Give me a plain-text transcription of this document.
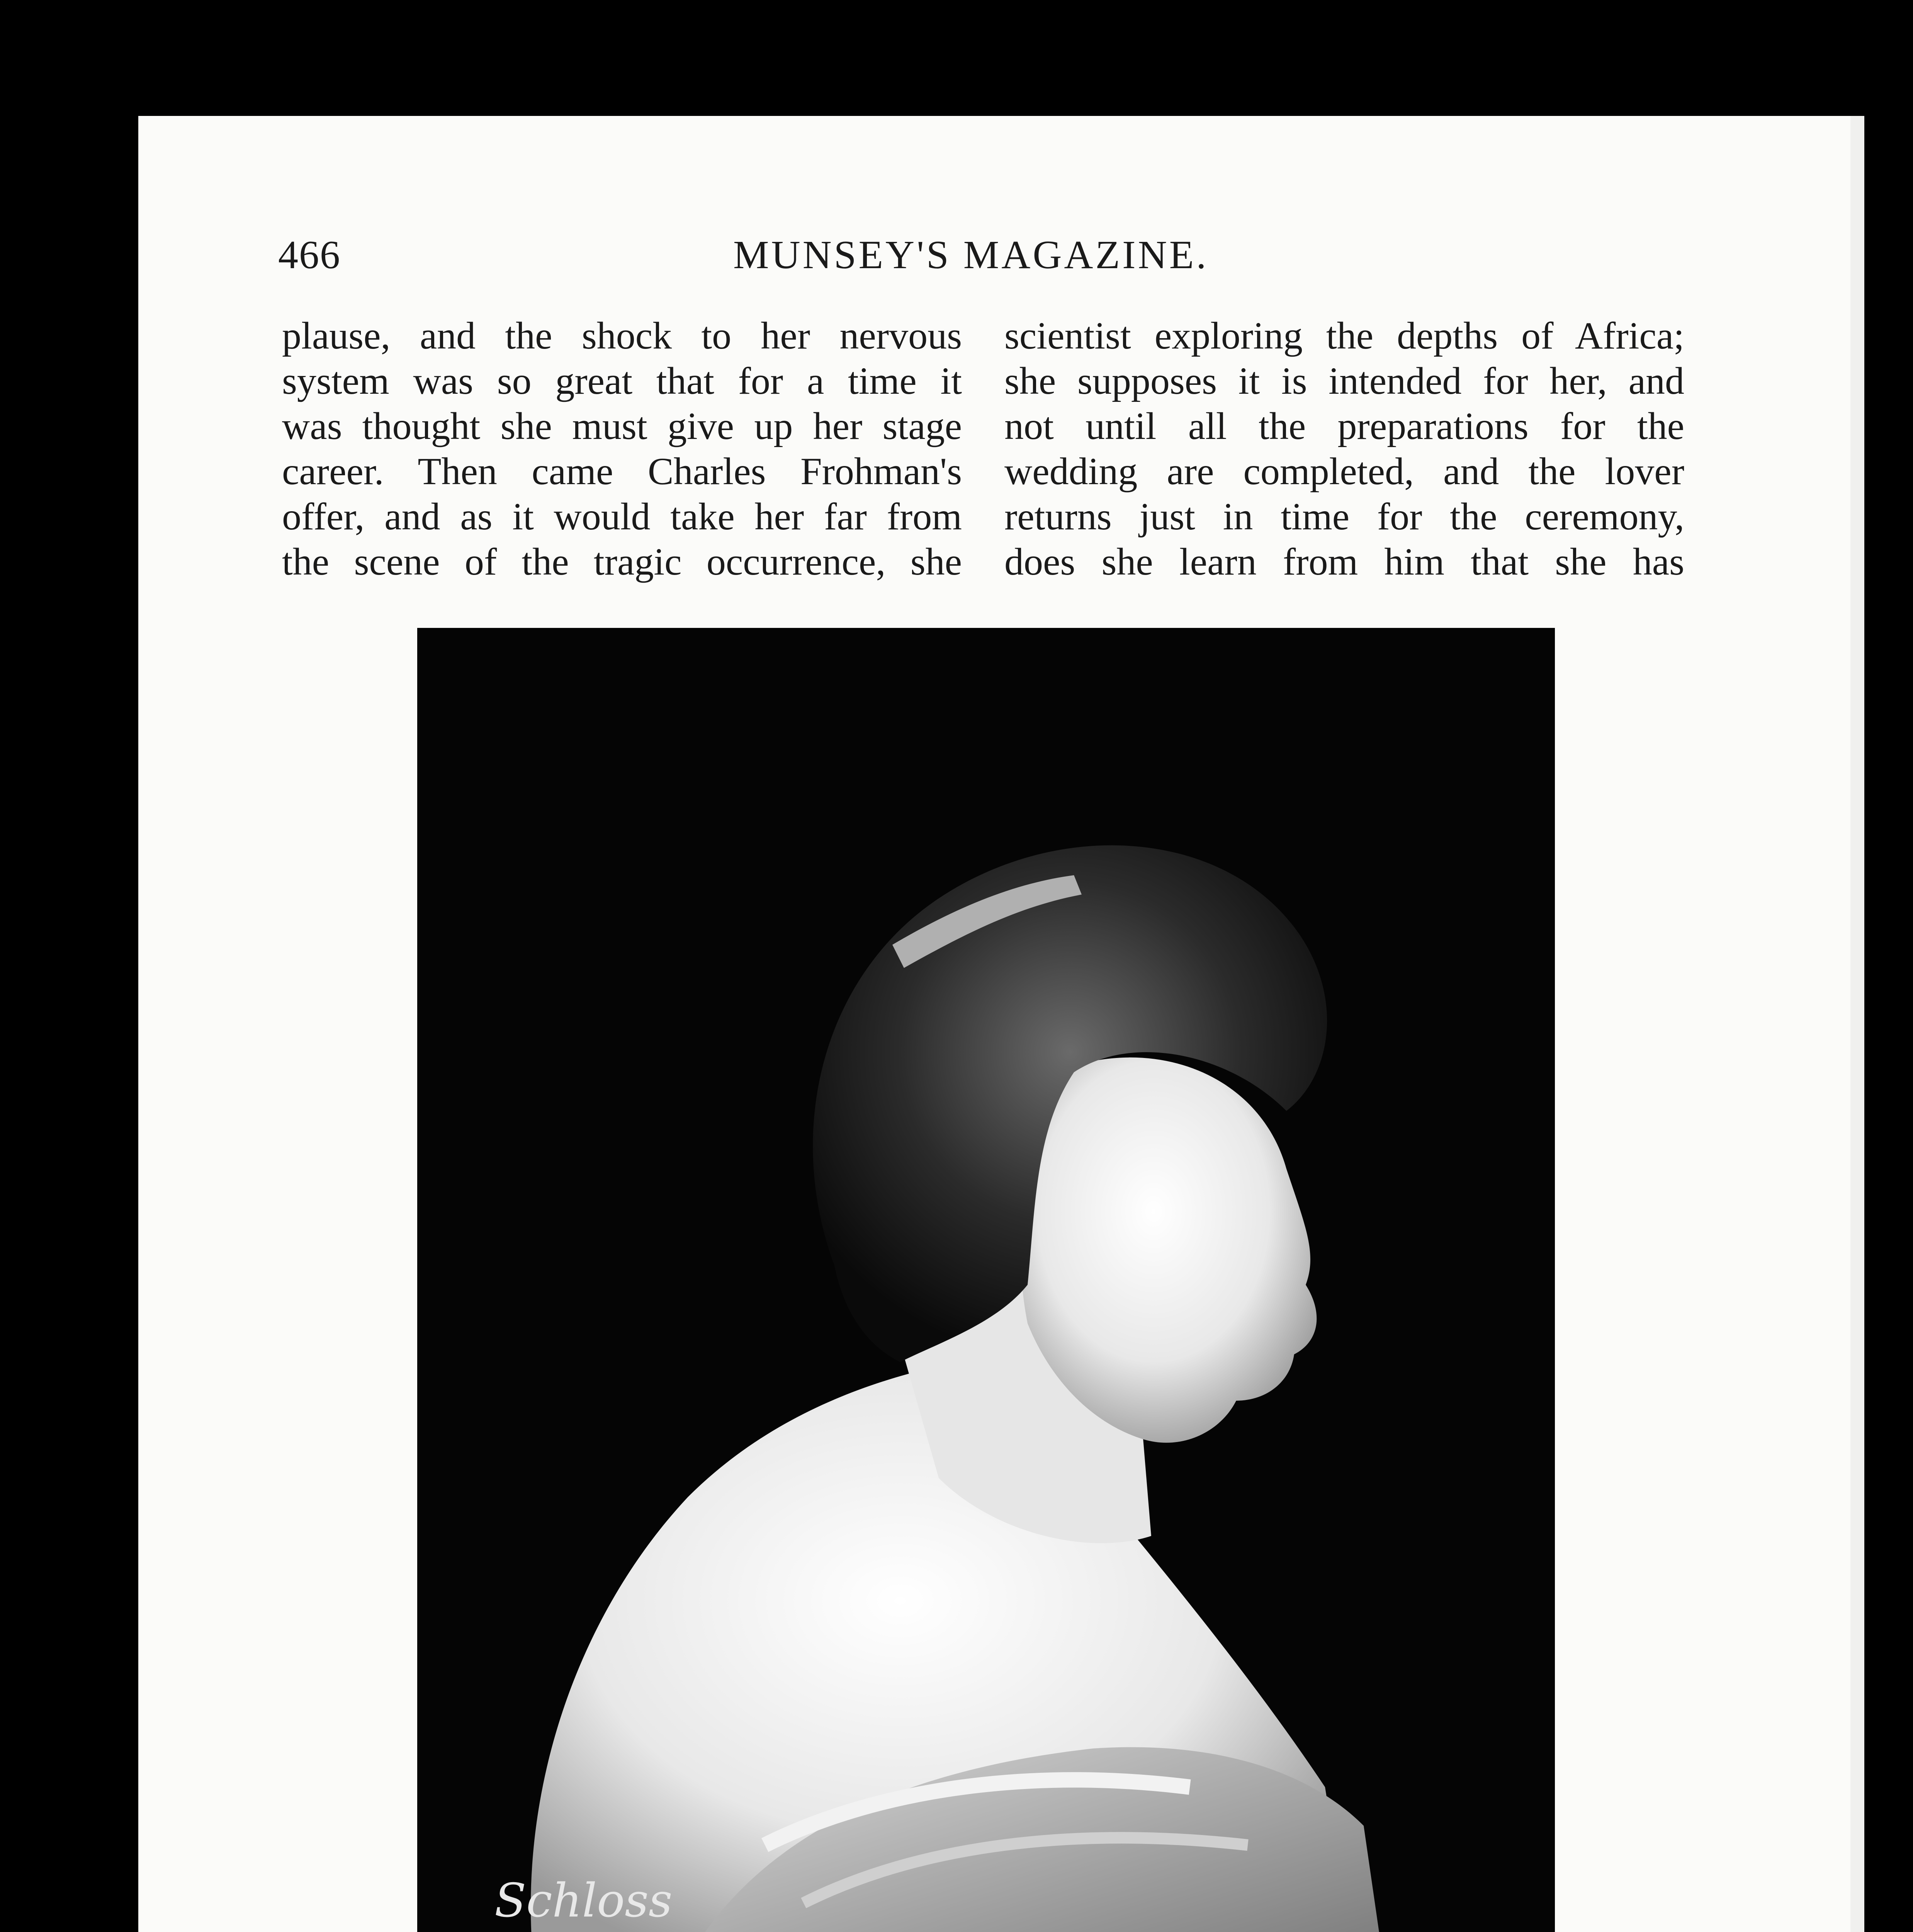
466	MUNSEY'S MAGAZINE.

plause, and the shock to her nervous
system was so great that for a time it
was thought she must give up her stage
career. Then came Charles Frohman's
offer, and as it would take her far from
the scene of the tragic occurrence, she

scientist exploring the depths of Africa;
she supposes it is intended for her, and
not until all the preparations for the
wedding are completed, and the lover
returns just in time for the ceremony,
does she learn from him that she has

Schloss
